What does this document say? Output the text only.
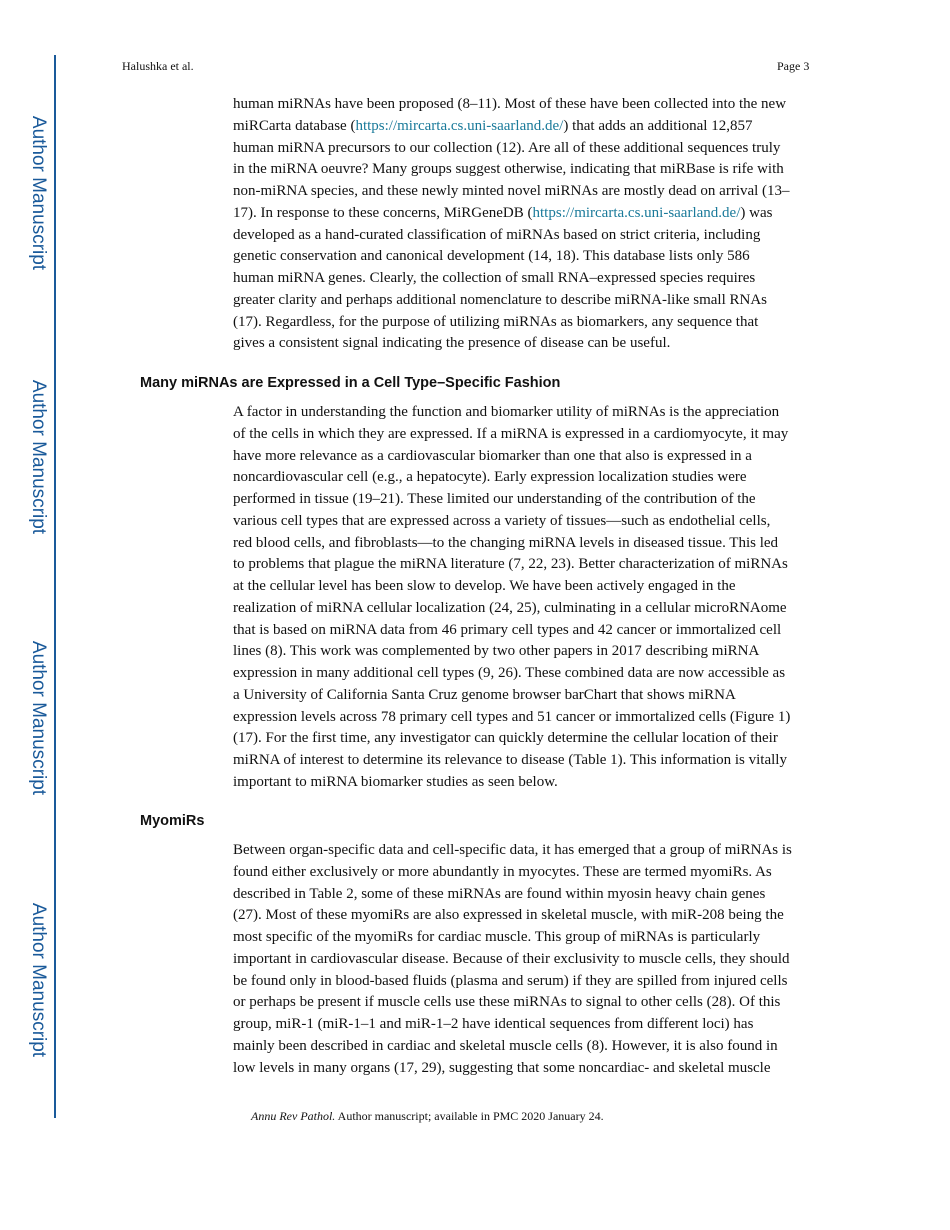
Author Manuscript
Author Manuscript
Author Manuscript
Author Manuscript
Halushka et al.	Page 3
human miRNAs have been proposed (8–11). Most of these have been collected into the new
miRCarta database (https://mircarta.cs.uni-saarland.de/) that adds an additional 12,857
human miRNA precursors to our collection (12). Are all of these additional sequences truly
in the miRNA oeuvre? Many groups suggest otherwise, indicating that miRBase is rife with
non-miRNA species, and these newly minted novel miRNAs are mostly dead on arrival (13–
17). In response to these concerns, MiRGeneDB (https://mircarta.cs.uni-saarland.de/) was
developed as a hand-curated classification of miRNAs based on strict criteria, including
genetic conservation and canonical development (14, 18). This database lists only 586
human miRNA genes. Clearly, the collection of small RNA–expressed species requires
greater clarity and perhaps additional nomenclature to describe miRNA-like small RNAs
(17). Regardless, for the purpose of utilizing miRNAs as biomarkers, any sequence that
gives a consistent signal indicating the presence of disease can be useful.
Many miRNAs are Expressed in a Cell Type–Specific Fashion
A factor in understanding the function and biomarker utility of miRNAs is the appreciation
of the cells in which they are expressed. If a miRNA is expressed in a cardiomyocyte, it may
have more relevance as a cardiovascular biomarker than one that also is expressed in a
noncardiovascular cell (e.g., a hepatocyte). Early expression localization studies were
performed in tissue (19–21). These limited our understanding of the contribution of the
various cell types that are expressed across a variety of tissues—such as endothelial cells,
red blood cells, and fibroblasts—to the changing miRNA levels in diseased tissue. This led
to problems that plague the miRNA literature (7, 22, 23). Better characterization of miRNAs
at the cellular level has been slow to develop. We have been actively engaged in the
realization of miRNA cellular localization (24, 25), culminating in a cellular microRNAome
that is based on miRNA data from 46 primary cell types and 42 cancer or immortalized cell
lines (8). This work was complemented by two other papers in 2017 describing miRNA
expression in many additional cell types (9, 26). These combined data are now accessible as
a University of California Santa Cruz genome browser barChart that shows miRNA
expression levels across 78 primary cell types and 51 cancer or immortalized cells (Figure 1)
(17). For the first time, any investigator can quickly determine the cellular location of their
miRNA of interest to determine its relevance to disease (Table 1). This information is vitally
important to miRNA biomarker studies as seen below.
MyomiRs
Between organ-specific data and cell-specific data, it has emerged that a group of miRNAs is
found either exclusively or more abundantly in myocytes. These are termed myomiRs. As
described in Table 2, some of these miRNAs are found within myosin heavy chain genes
(27). Most of these myomiRs are also expressed in skeletal muscle, with miR-208 being the
most specific of the myomiRs for cardiac muscle. This group of miRNAs is particularly
important in cardiovascular disease. Because of their exclusivity to muscle cells, they should
be found only in blood-based fluids (plasma and serum) if they are spilled from injured cells
or perhaps be present if muscle cells use these miRNAs to signal to other cells (28). Of this
group, miR-1 (miR-1–1 and miR-1–2 have identical sequences from different loci) has
mainly been described in cardiac and skeletal muscle cells (8). However, it is also found in
low levels in many organs (17, 29), suggesting that some noncardiac- and skeletal muscle
Annu Rev Pathol. Author manuscript; available in PMC 2020 January 24.
